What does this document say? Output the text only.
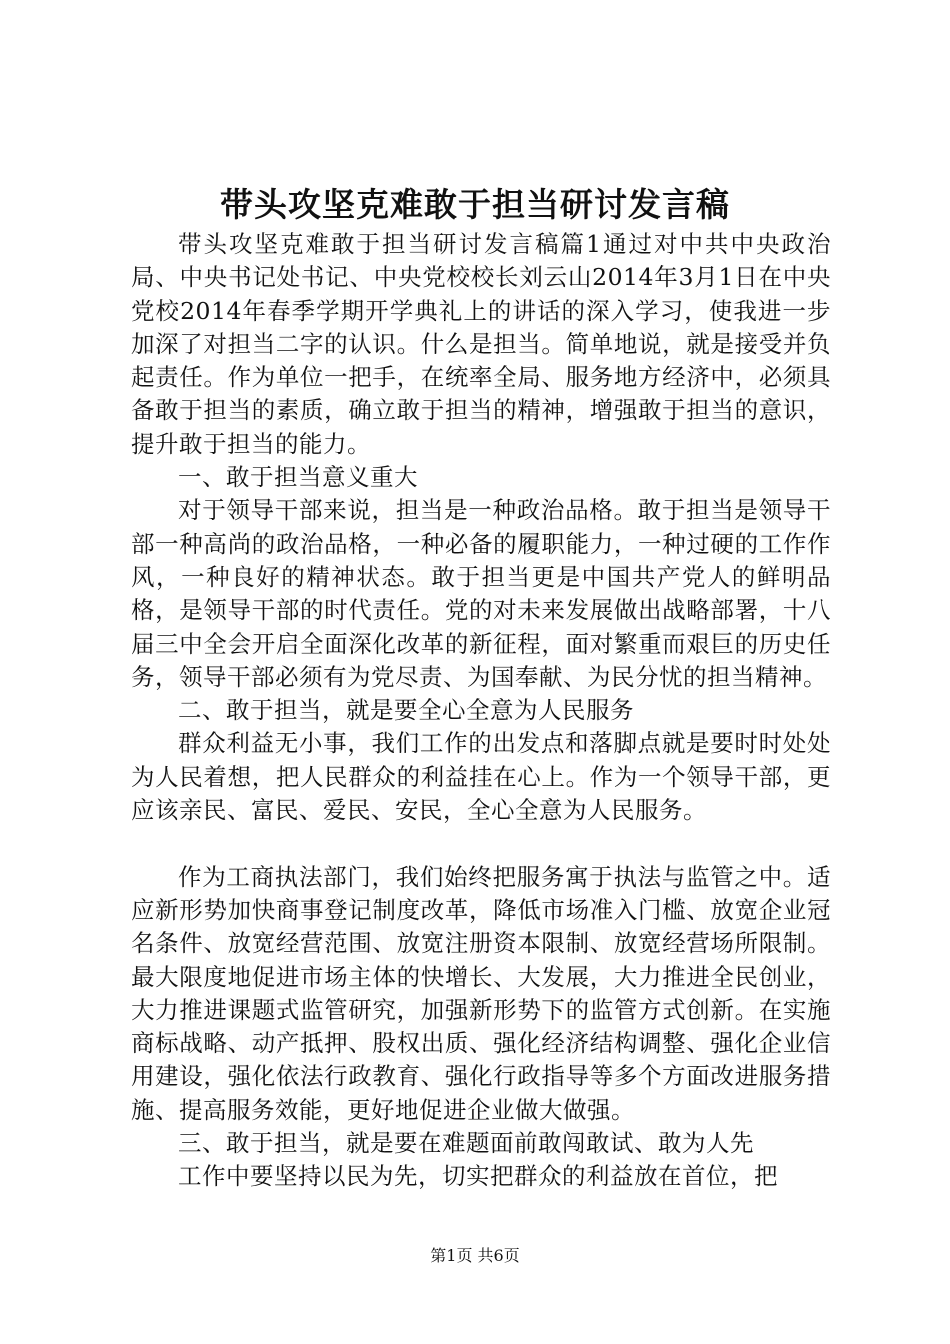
带头攻坚克难敢于担当研讨发言稿

带头攻坚克难敢于担当研讨发言稿篇1通过对中共中央政治局、中央书记处书记、中央党校校长刘云山2014年3月1日在中央党校2014年春季学期开学典礼上的讲话的深入学习，使我进一步加深了对担当二字的认识。什么是担当。简单地说，就是接受并负起责任。作为单位一把手，在统率全局、服务地方经济中，必须具备敢于担当的素质，确立敢于担当的精神，增强敢于担当的意识，提升敢于担当的能力。

一、敢于担当意义重大

对于领导干部来说，担当是一种政治品格。敢于担当是领导干部一种高尚的政治品格，一种必备的履职能力，一种过硬的工作作风，一种良好的精神状态。敢于担当更是中国共产党人的鲜明品格，是领导干部的时代责任。党的对未来发展做出战略部署，十八届三中全会开启全面深化改革的新征程，面对繁重而艰巨的历史任务，领导干部必须有为党尽责、为国奉献、为民分忧的担当精神。

二、敢于担当，就是要全心全意为人民服务

群众利益无小事，我们工作的出发点和落脚点就是要时时处处为人民着想，把人民群众的利益挂在心上。作为一个领导干部，更应该亲民、富民、爱民、安民，全心全意为人民服务。

作为工商执法部门，我们始终把服务寓于执法与监管之中。适应新形势加快商事登记制度改革，降低市场准入门槛、放宽企业冠名条件、放宽经营范围、放宽注册资本限制、放宽经营场所限制。最大限度地促进市场主体的快增长、大发展，大力推进全民创业，大力推进课题式监管研究，加强新形势下的监管方式创新。在实施商标战略、动产抵押、股权出质、强化经济结构调整、强化企业信用建设，强化依法行政教育、强化行政指导等多个方面改进服务措施、提高服务效能，更好地促进企业做大做强。

三、敢于担当，就是要在难题面前敢闯敢试、敢为人先

工作中要坚持以民为先，切实把群众的利益放在首位，把

第1页 共6页
